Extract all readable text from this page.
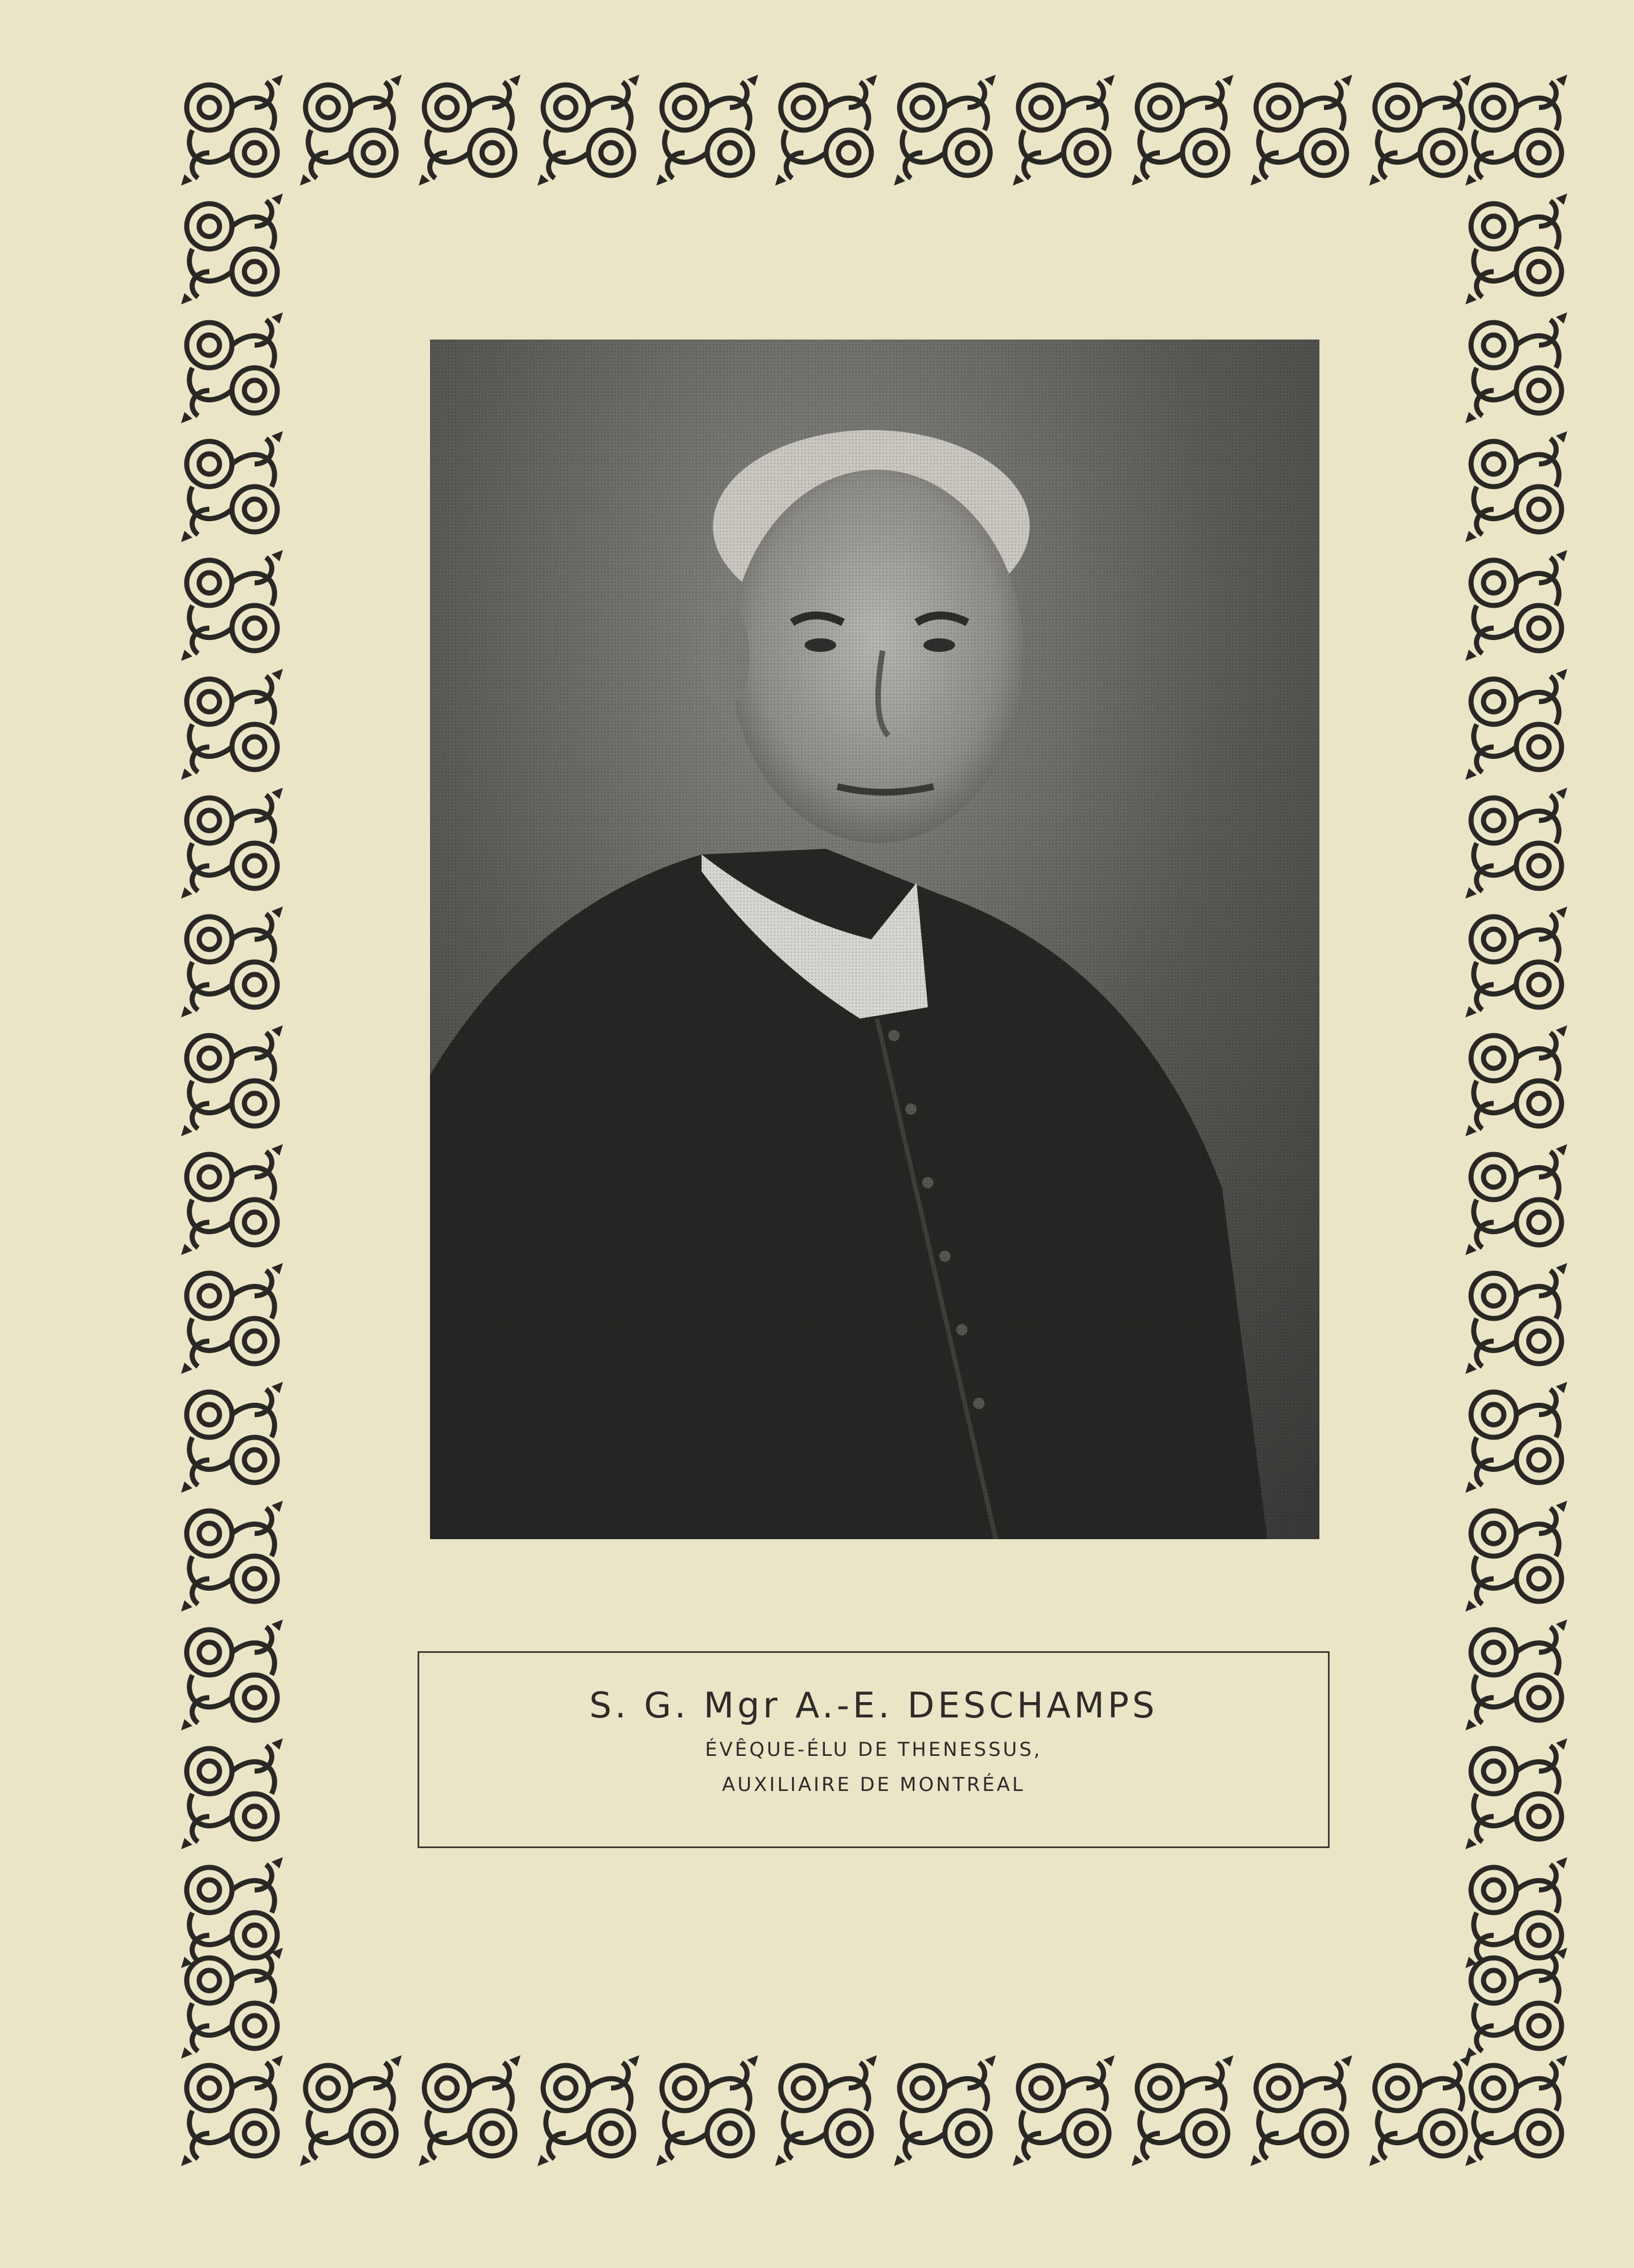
S. G. Mgr A.-E. DESCHAMPS
ÉVÊQUE-ÉLU DE THENESSUS,
AUXILIAIRE DE MONTRÉAL
